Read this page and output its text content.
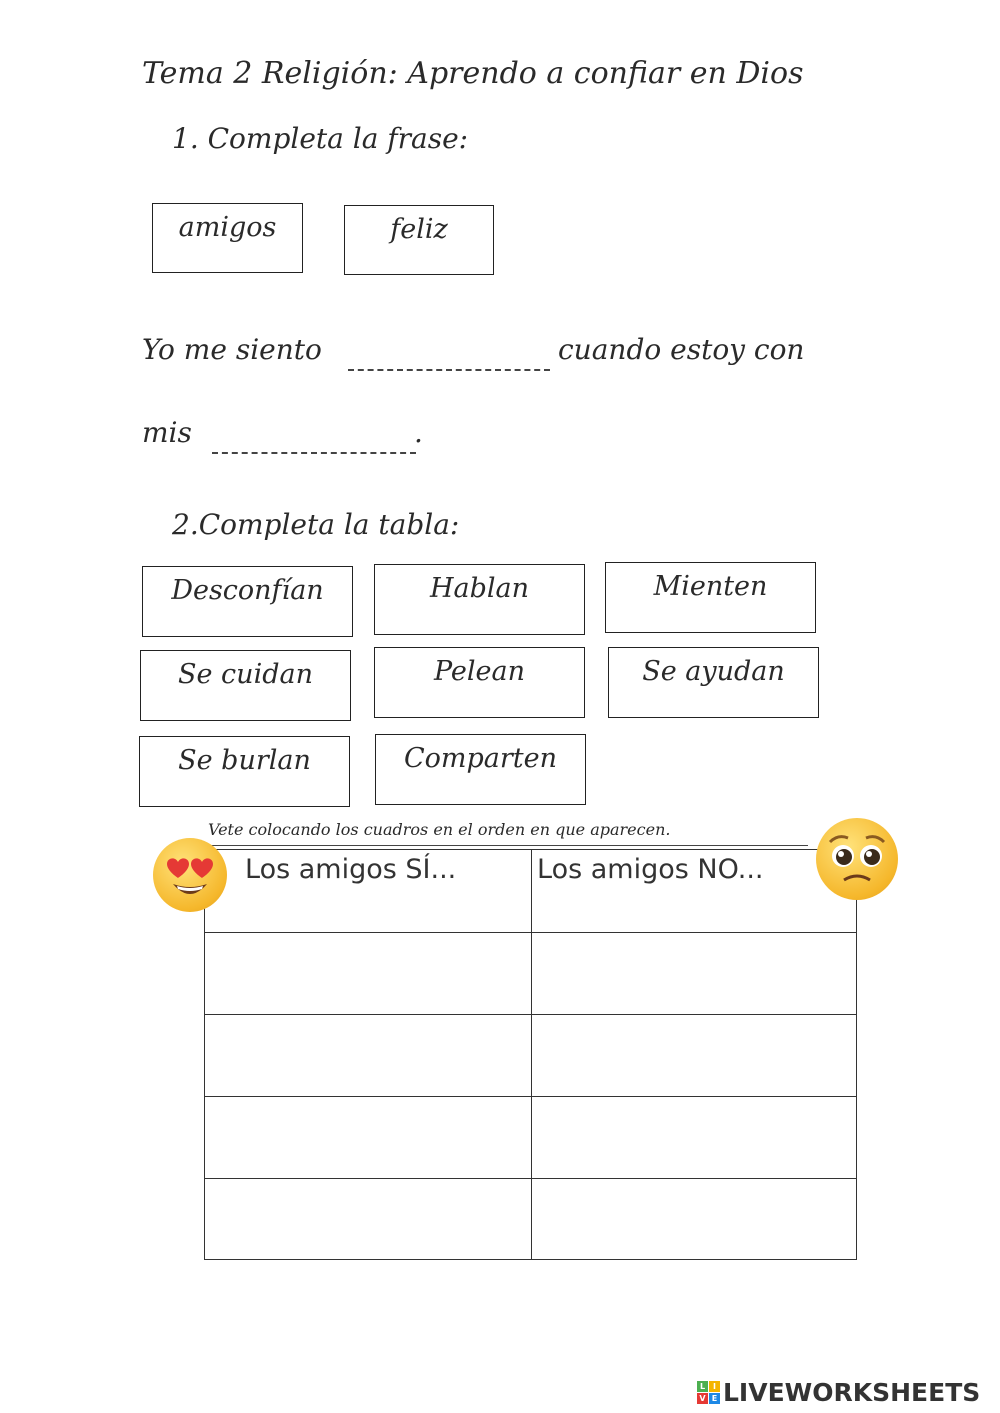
Tema 2 Religión: Aprendo a confiar en Dios
1. Completa la frase:
amigos	feliz
Yo me siento	cuando estoy con
mis	.
2.Completa la tabla:
Desconfían	Hablan	Mienten
Se cuidan	Pelean	Se ayudan
Se burlan	Comparten
Vete colocando los cuadros en el orden en que aparecen.
Los amigos SÍ...	Los amigos NO...
L I
V E LIVEWORKSHEETS
